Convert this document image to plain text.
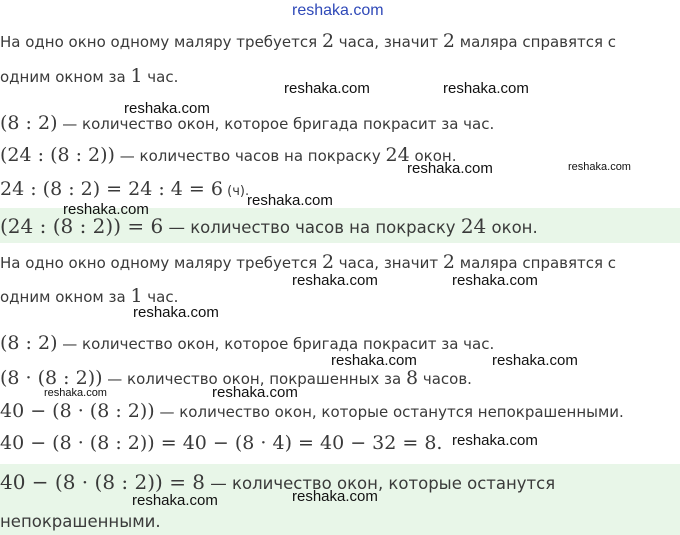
На одно окно одному маляру требуется 2 часа, значит 2 маляра справятся с
одним окном за 1 час.
(8 : 2) — количество окон, которое бригада покрасит за час.
(24 : (8 : 2)) — количество часов на покраску 24 окон.
24 : (8 : 2) = 24 : 4 = 6 (ч).
(24 : (8 : 2)) = 6 — количество часов на покраску 24 окон.
На одно окно одному маляру требуется 2 часа, значит 2 маляра справятся с
одним окном за 1 час.
(8 : 2) — количество окон, которое бригада покрасит за час.
(8 · (8 : 2)) — количество окон, покрашенных за 8 часов.
40 − (8 · (8 : 2)) — количество окон, которые останутся непокрашенными.
40 − (8 · (8 : 2)) = 40 − (8 · 4) = 40 − 32 = 8.
40 − (8 · (8 : 2)) = 8 — количество окон, которые останутся
непокрашенными.
reshaka.com
reshaka.com	reshaka.com
reshaka.com
reshaka.com	reshaka.com
reshaka.com
reshaka.com
reshaka.com	reshaka.com
reshaka.com
reshaka.com	reshaka.com
reshaka.com	reshaka.com
reshaka.com
reshaka.com	reshaka.com
